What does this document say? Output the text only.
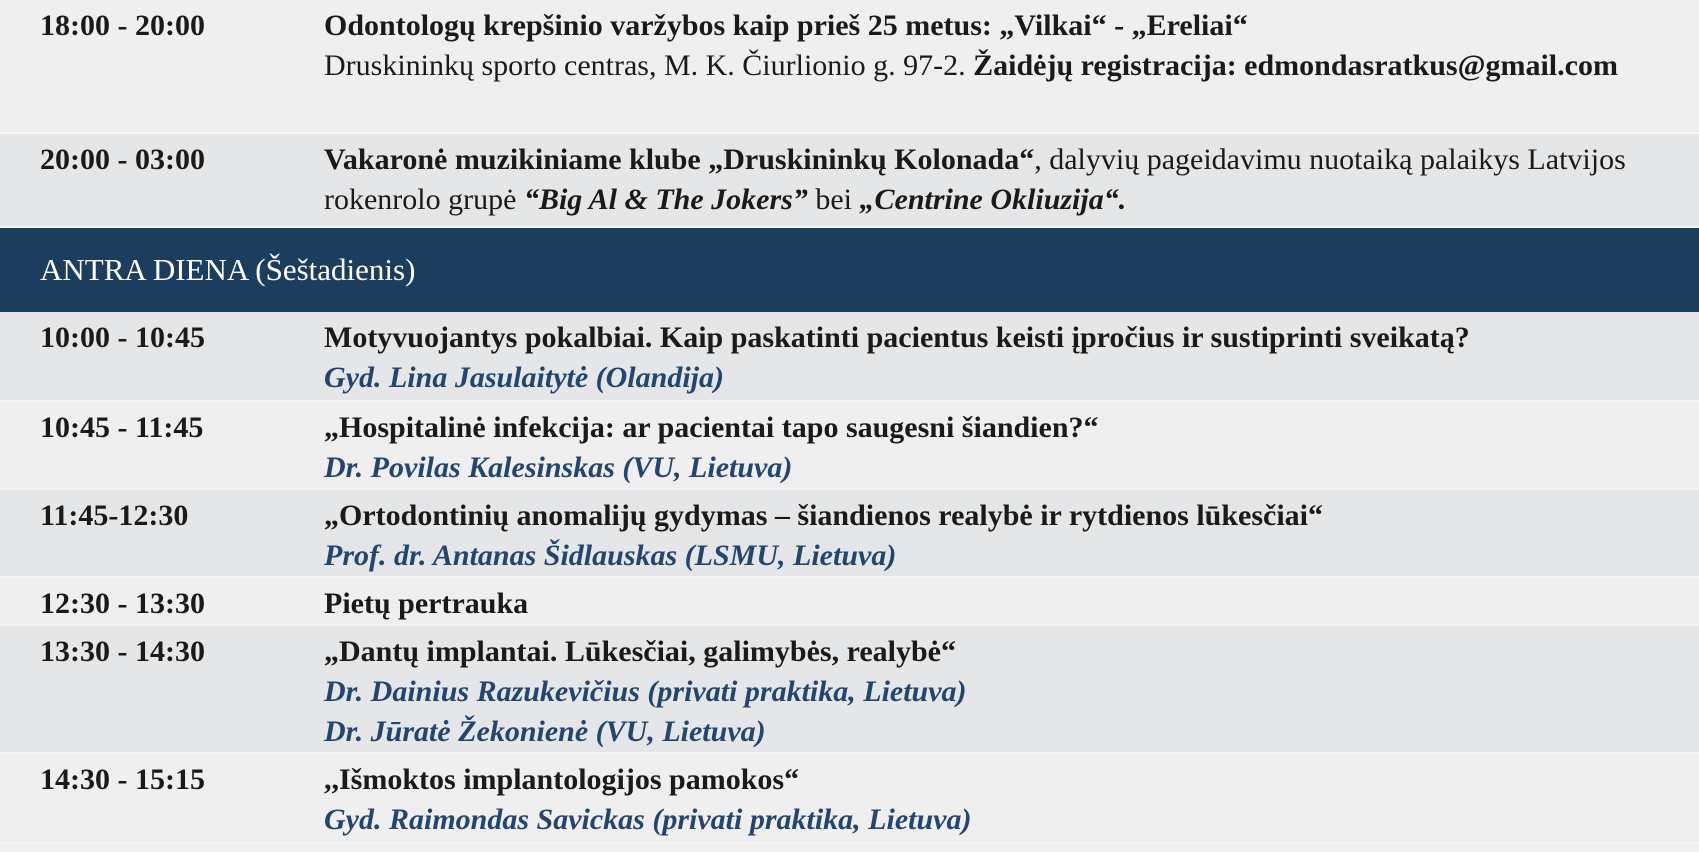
18:00 - 20:00	Odontologų krepšinio varžybos kaip prieš 25 metus: „Vilkai“ - „Ereliai“
Druskininkų sporto centras, M. K. Čiurlionio g. 97-2. Žaidėjų registracija: edmondasratkus@gmail.com
20:00 - 03:00	Vakaronė muzikiniame klube „Druskininkų Kolonada“, dalyvių pageidavimu nuotaiką palaikys Latvijos rokenrolo grupė “Big Al & The Jokers” bei „Centrine Okliuzija“.
ANTRA DIENA (Šeštadienis)
10:00 - 10:45	Motyvuojantys pokalbiai. Kaip paskatinti pacientus keisti įpročius ir sustiprinti sveikatą?
Gyd. Lina Jasulaitytė (Olandija)
10:45 - 11:45	„Hospitalinė infekcija: ar pacientai tapo saugesni šiandien?“
Dr. Povilas Kalesinskas (VU, Lietuva)
11:45-12:30	„Ortodontinių anomalijų gydymas – šiandienos realybė ir rytdienos lūkesčiai“
Prof. dr. Antanas Šidlauskas (LSMU, Lietuva)
12:30 - 13:30	Pietų pertrauka
13:30 - 14:30	„Dantų implantai. Lūkesčiai, galimybės, realybė“
Dr. Dainius Razukevičius (privati praktika, Lietuva)
Dr. Jūratė Žekonienė (VU, Lietuva)
14:30 - 15:15	,,Išmoktos implantologijos pamokos“
Gyd. Raimondas Savickas (privati praktika, Lietuva)
